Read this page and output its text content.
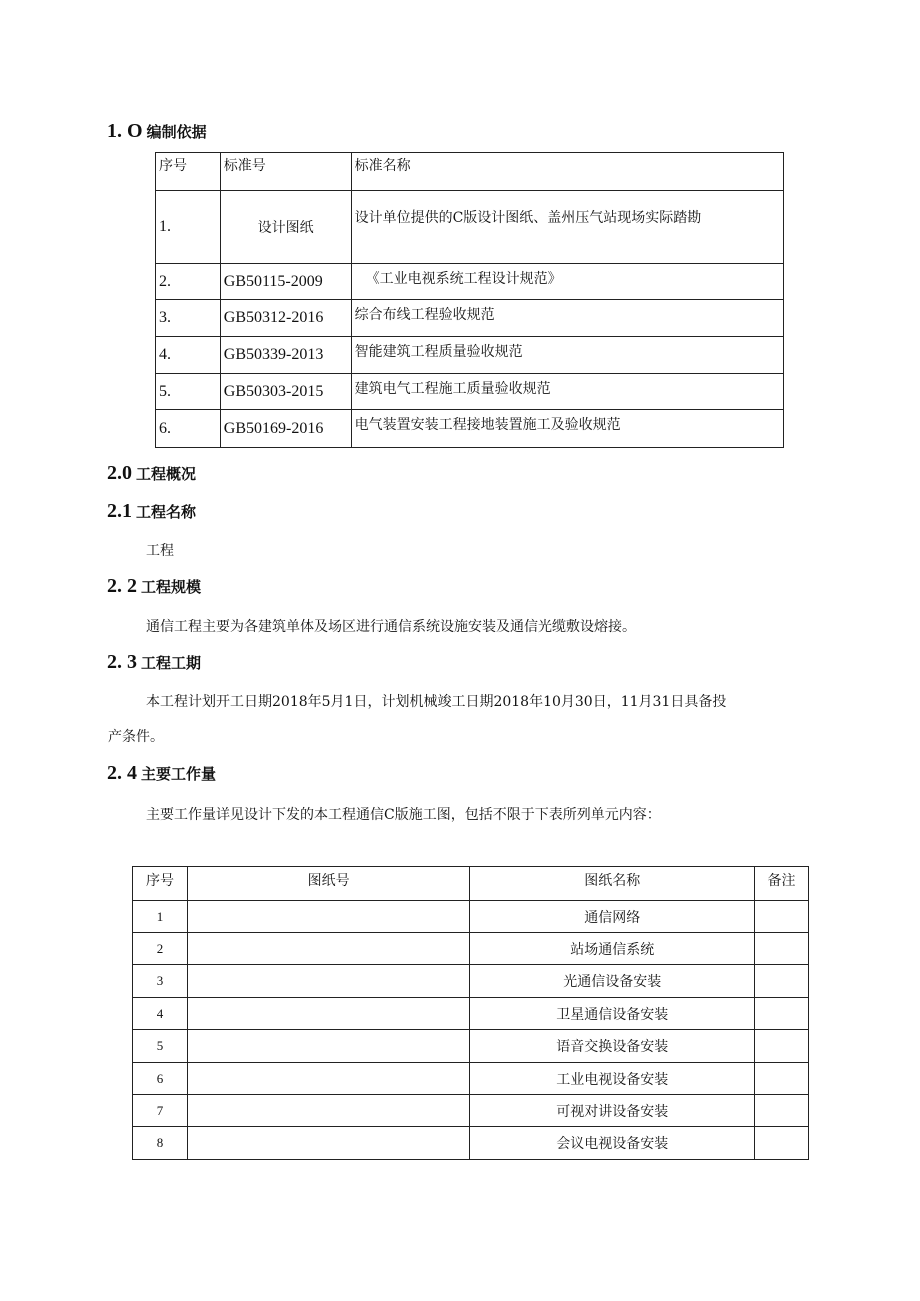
1. O 编制依据
序号	标准号	标准名称
1.	设计图纸	设计单位提供的C版设计图纸、盖州压气站现场实际踏勘
2.	GB50115-2009	《工业电视系统工程设计规范》
3.	GB50312-2016	综合布线工程验收规范
4.	GB50339-2013	智能建筑工程质量验收规范
5.	GB50303-2015	建筑电气工程施工质量验收规范
6.	GB50169-2016	电气装置安装工程接地装置施工及验收规范
2.0 工程概况
2.1 工程名称
工程
2. 2 工程规模
通信工程主要为各建筑单体及场区进行通信系统设施安装及通信光缆敷设熔接。
2. 3 工程工期
本工程计划开工日期2018年5月1日，计划机械竣工日期2018年10月30日，11月31日具备投
产条件。
2. 4 主要工作量
主要工作量详见设计下发的本工程通信C版施工图，包括不限于下表所列单元内容：
序号	图纸号	图纸名称	备注
1		通信网络	
2		站场通信系统	
3		光通信设备安装	
4		卫星通信设备安装	
5		语音交换设备安装	
6		工业电视设备安装	
7		可视对讲设备安装	
8		会议电视设备安装	
